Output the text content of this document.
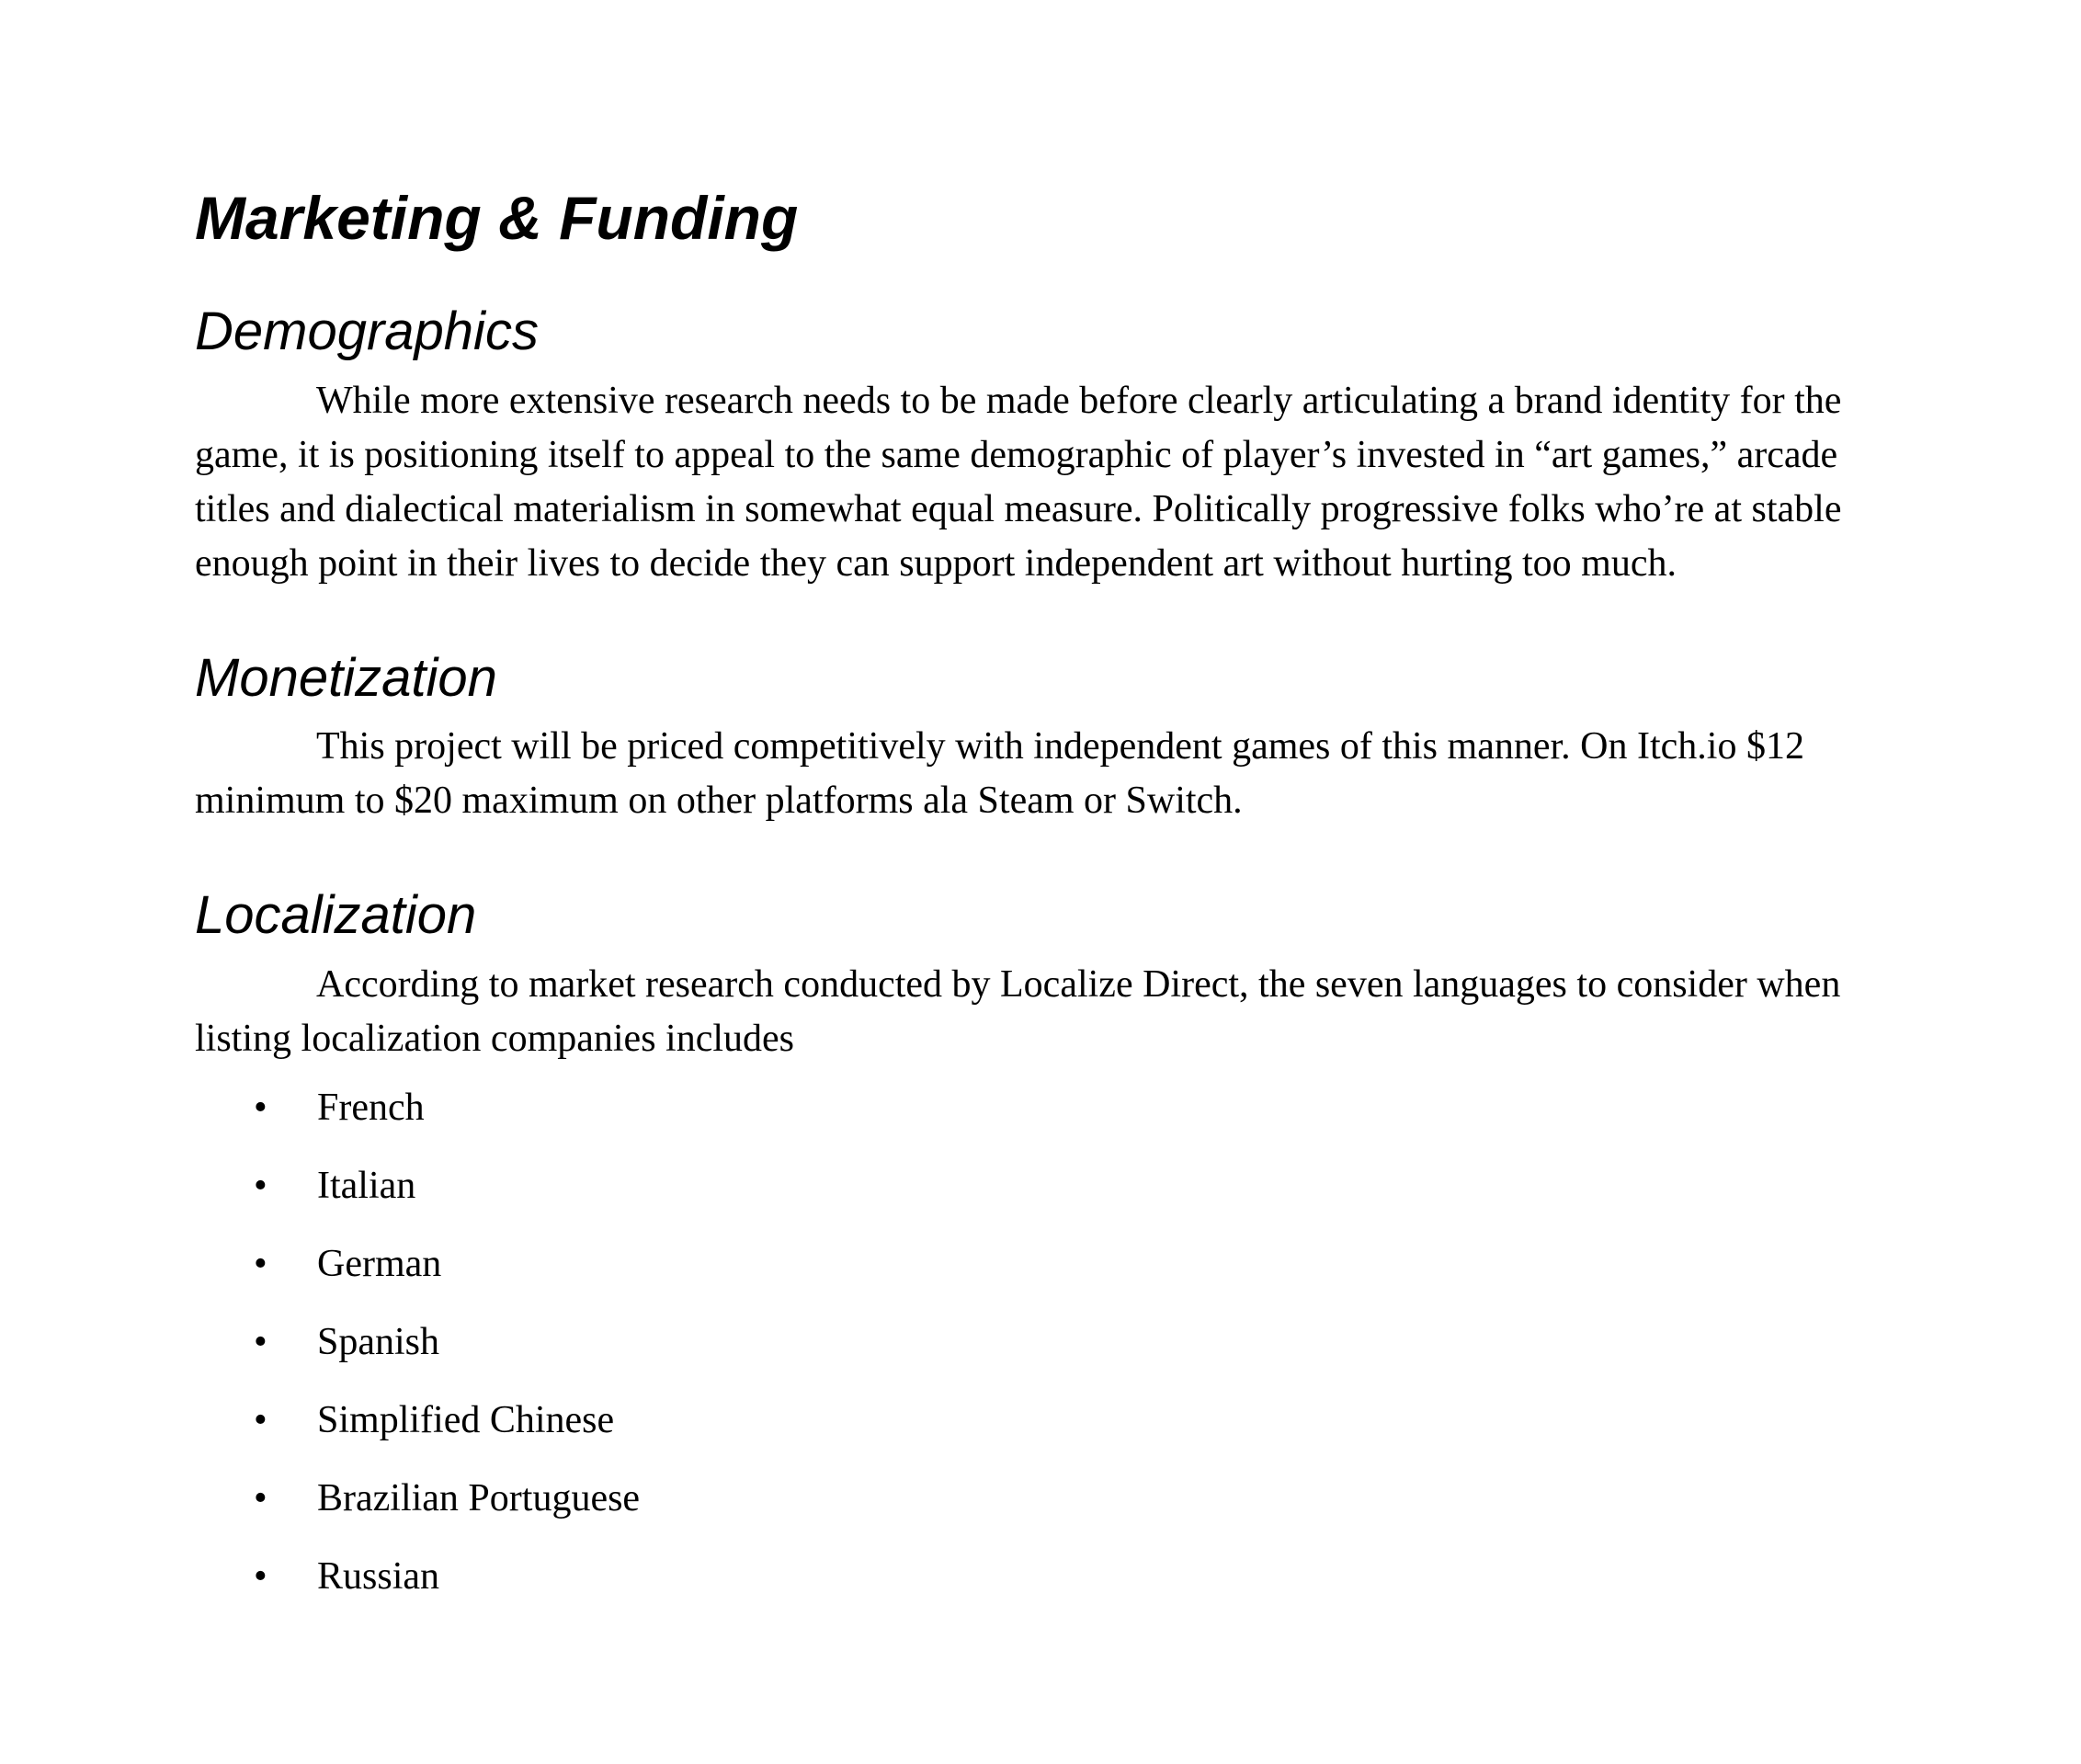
Marketing & Funding
Demographics

While more extensive research needs to be made before clearly articulating a brand identity for the game, it is positioning itself to appeal to the same demographic of player’s invested in “art games,” arcade titles and dialectical materialism in somewhat equal measure. Politically progressive folks who’re at stable enough point in their lives to decide they can support independent art without hurting too much.

Monetization

This project will be priced competitively with independent games of this manner. On Itch.io $12 minimum to $20 maximum on other platforms ala Steam or Switch.

Localization

According to market research conducted by Localize Direct, the seven languages to consider when listing localization companies includes

• French
• Italian
• German
• Spanish
• Simplified Chinese
• Brazilian Portuguese
• Russian
